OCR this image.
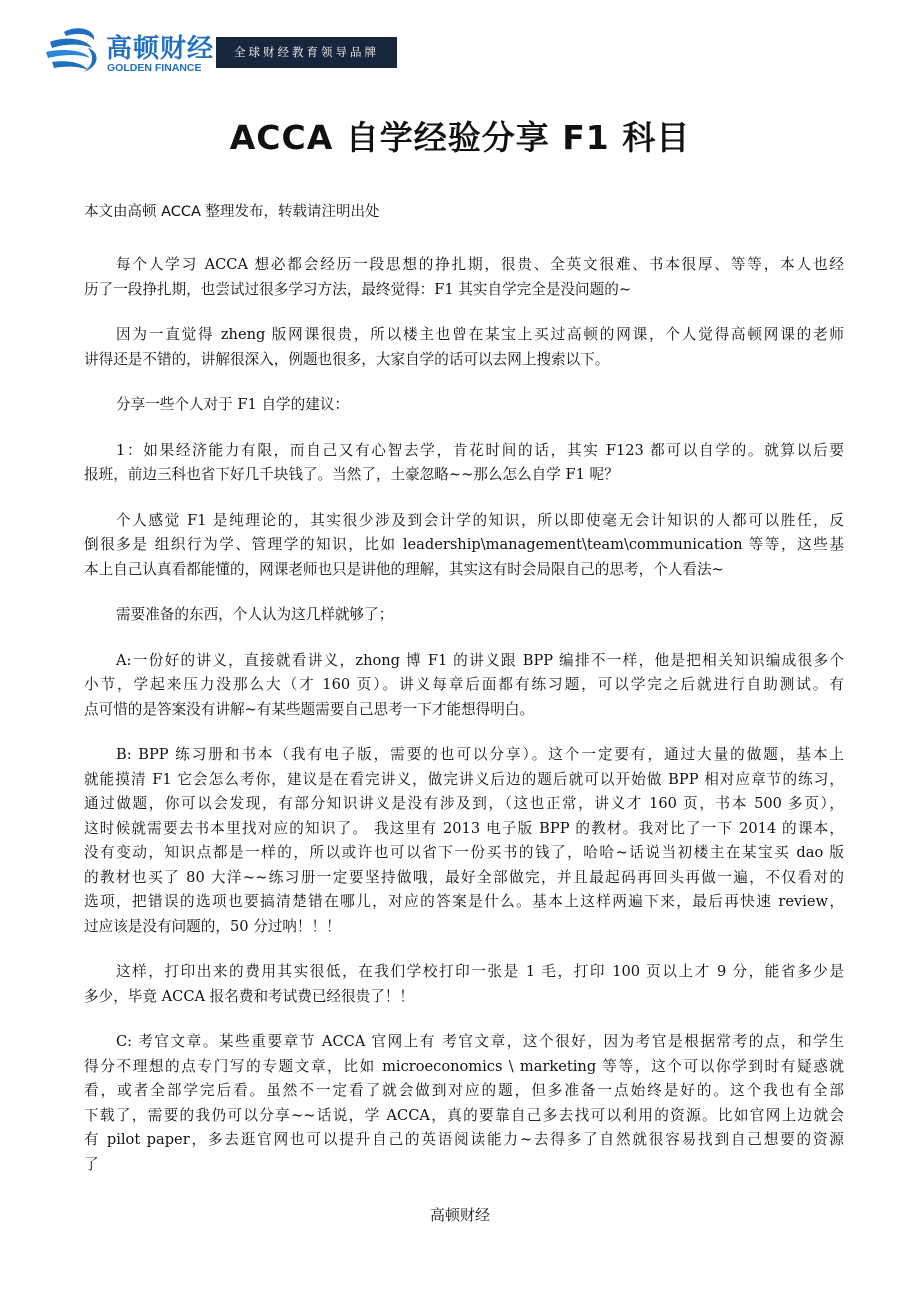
高顿财经
GOLDEN FINANCE
全球财经教育领导品牌
ACCA 自学经验分享 F1 科目
本文由高顿 ACCA 整理发布，转载请注明出处
每个人学习 ACCA 想必都会经历一段思想的挣扎期，很贵、全英文很难、书本很厚、等等，本人也经
历了一段挣扎期，也尝试过很多学习方法，最终觉得：F1 其实自学完全是没问题的~
因为一直觉得 zheng 版网课很贵，所以楼主也曾在某宝上买过高顿的网课，个人觉得高顿网课的老师
讲得还是不错的，讲解很深入，例题也很多，大家自学的话可以去网上搜索以下。
分享一些个人对于 F1 自学的建议：
1：如果经济能力有限，而自己又有心智去学，肯花时间的话，其实 F123 都可以自学的。就算以后要
报班，前边三科也省下好几千块钱了。当然了，土豪忽略~~那么怎么自学 F1 呢？
个人感觉 F1 是纯理论的，其实很少涉及到会计学的知识，所以即使毫无会计知识的人都可以胜任，反
倒很多是 组织行为学、管理学的知识，比如 leadership\management\team\communication 等等，这些基
本上自己认真看都能懂的，网课老师也只是讲他的理解，其实这有时会局限自己的思考，个人看法~
需要准备的东西，个人认为这几样就够了；
A:一份好的讲义，直接就看讲义，zhong 博 F1 的讲义跟 BPP 编排不一样，他是把相关知识编成很多个
小节，学起来压力没那么大（才 160 页）。讲义每章后面都有练习题，可以学完之后就进行自助测试。有
点可惜的是答案没有讲解~有某些题需要自己思考一下才能想得明白。
B: BPP 练习册和书本（我有电子版，需要的也可以分享）。这个一定要有，通过大量的做题，基本上
就能摸清 F1 它会怎么考你，建议是在看完讲义，做完讲义后边的题后就可以开始做 BPP 相对应章节的练习，
通过做题，你可以会发现，有部分知识讲义是没有涉及到，（这也正常，讲义才 160 页，书本 500 多页），
这时候就需要去书本里找对应的知识了。 我这里有 2013 电子版 BPP 的教材。我对比了一下 2014 的课本，
没有变动，知识点都是一样的，所以或许也可以省下一份买书的钱了，哈哈~话说当初楼主在某宝买 dao 版
的教材也买了 80 大洋~~练习册一定要坚持做哦，最好全部做完，并且最起码再回头再做一遍，不仅看对的
选项，把错误的选项也要搞清楚错在哪儿，对应的答案是什么。基本上这样两遍下来，最后再快速 review，
过应该是没有问题的，50 分过呐！！！
这样，打印出来的费用其实很低，在我们学校打印一张是 1 毛，打印 100 页以上才 9 分，能省多少是
多少，毕竟 ACCA 报名费和考试费已经很贵了！！
C: 考官文章。某些重要章节 ACCA 官网上有 考官文章，这个很好，因为考官是根据常考的点，和学生
得分不理想的点专门写的专题文章，比如 microeconomics \ marketing 等等，这个可以你学到时有疑惑就
看，或者全部学完后看。虽然不一定看了就会做到对应的题，但多准备一点始终是好的。这个我也有全部
下载了，需要的我仍可以分享~~话说，学 ACCA，真的要靠自己多去找可以利用的资源。比如官网上边就会
有 pilot paper，多去逛官网也可以提升自己的英语阅读能力~去得多了自然就很容易找到自己想要的资源
了
高顿财经
